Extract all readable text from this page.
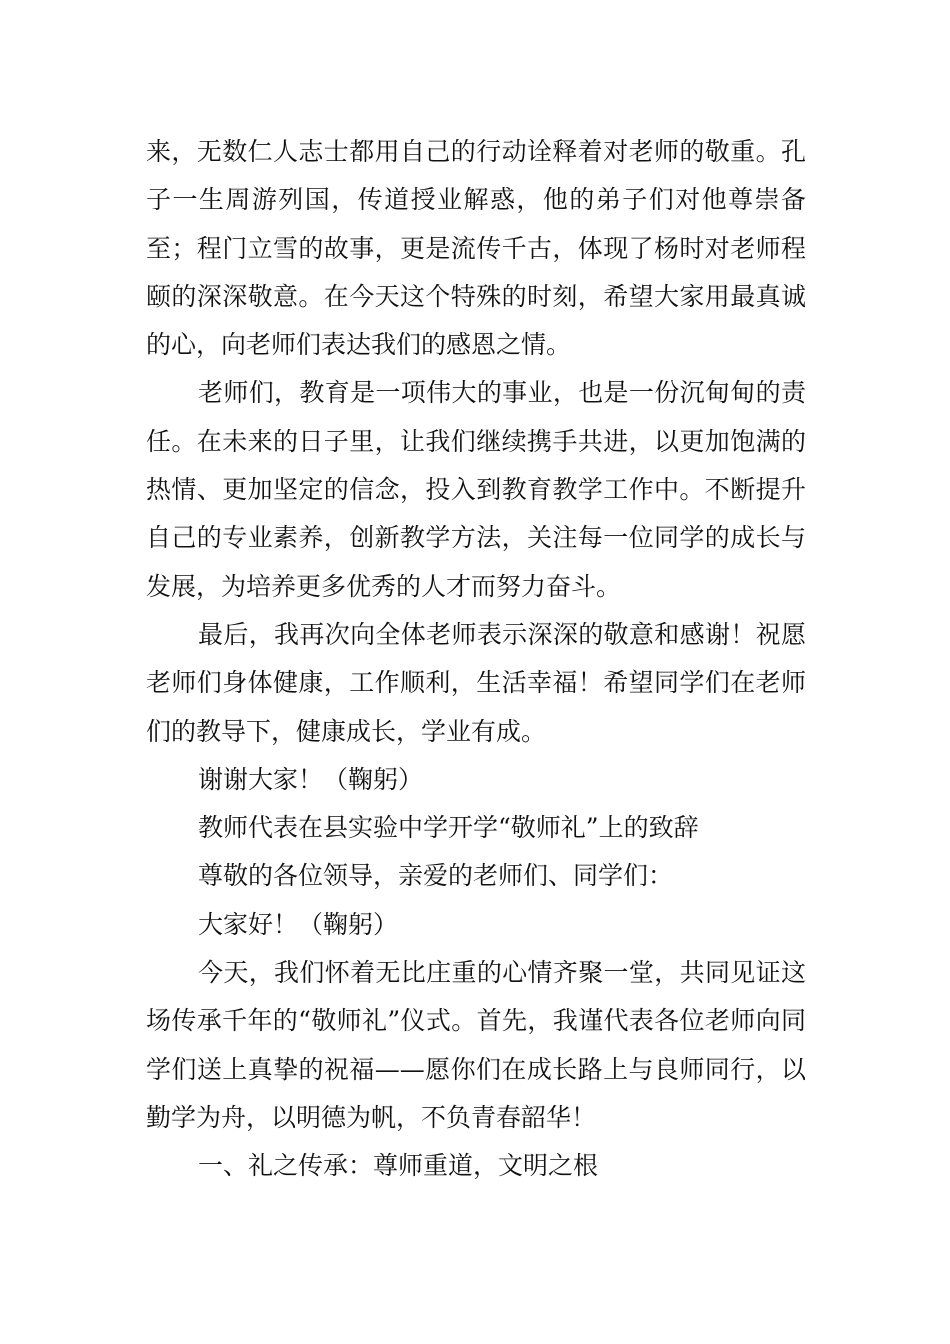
来，无数仁人志士都用自己的行动诠释着对老师的敬重。孔子一生周游列国，传道授业解惑，他的弟子们对他尊崇备至；程门立雪的故事，更是流传千古，体现了杨时对老师程颐的深深敬意。在今天这个特殊的时刻，希望大家用最真诚的心，向老师们表达我们的感恩之情。

老师们，教育是一项伟大的事业，也是一份沉甸甸的责任。在未来的日子里，让我们继续携手共进，以更加饱满的热情、更加坚定的信念，投入到教育教学工作中。不断提升自己的专业素养，创新教学方法，关注每一位同学的成长与发展，为培养更多优秀的人才而努力奋斗。

最后，我再次向全体老师表示深深的敬意和感谢！祝愿老师们身体健康，工作顺利，生活幸福！希望同学们在老师们的教导下，健康成长，学业有成。

谢谢大家！（鞠躬）

教师代表在县实验中学开学“敬师礼”上的致辞

尊敬的各位领导，亲爱的老师们、同学们：

大家好！（鞠躬）

今天，我们怀着无比庄重的心情齐聚一堂，共同见证这场传承千年的“敬师礼”仪式。首先，我谨代表各位老师向同学们送上真挚的祝福——愿你们在成长路上与良师同行，以勤学为舟，以明德为帆，不负青春韶华！

一、礼之传承：尊师重道，文明之根
